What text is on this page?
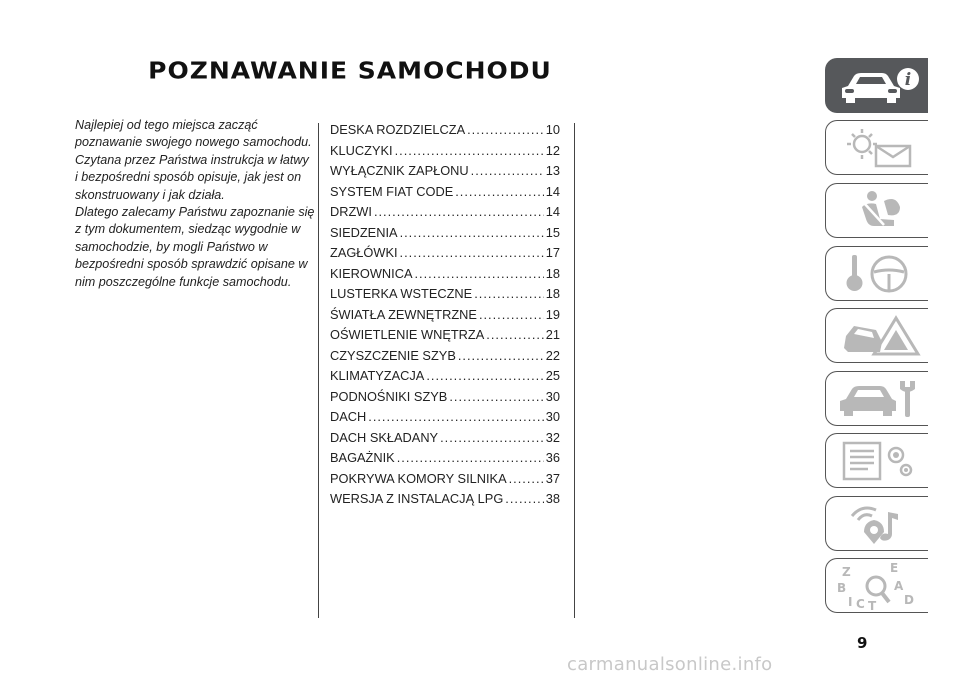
POZNAWANIE SAMOCHODU

Najlepiej od tego miejsca zacząć poznawanie swojego nowego samochodu.

Czytana przez Państwa instrukcja w łatwy i bezpośredni sposób opisuje, jak jest on skonstruowany i jak działa.

Dlatego zalecamy Państwu zapoznanie się z tym dokumentem, siedząc wygodnie w samochodzie, by mogli Państwo w bezpośredni sposób sprawdzić opisane w nim poszczególne funkcje samochodu.

DESKA ROZDZIELCZA .....	10
KLUCZYKI .....	12
WYŁĄCZNIK ZAPŁONU .....	13
SYSTEM FIAT CODE .....	14
DRZWI .....	14
SIEDZENIA .....	15
ZAGŁÓWKI .....	17
KIEROWNICA .....	18
LUSTERKA WSTECZNE .....	18
ŚWIATŁA ZEWNĘTRZNE .....	19
OŚWIETLENIE WNĘTRZA .....	21
CZYSZCZENIE SZYB .....	22
KLIMATYZACJA .....	25
PODNOŚNIKI SZYB .....	30
DACH .....	30
DACH SKŁADANY .....	32
BAGAŻNIK .....	36
POKRYWA KOMORY SILNIKA .....	37
WERSJA Z INSTALACJĄ LPG .....	38
i
Z
B
I C T
E
A
D
9
carmanualsonline.info
